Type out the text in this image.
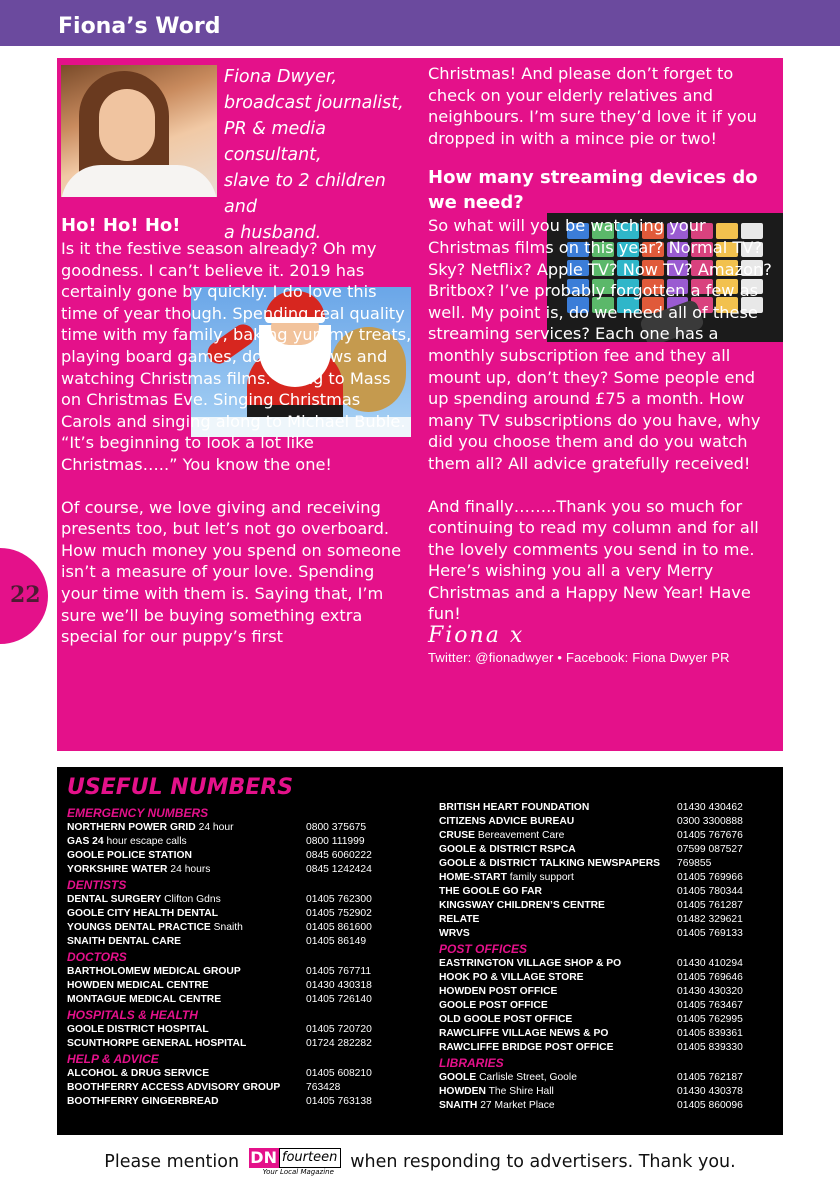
Fiona’s Word
Fiona Dwyer,
broadcast journalist,
PR & media consultant,
slave to 2 children and
a husband.
Ho! Ho! Ho!

Is it the festive season already? Oh my goodness. I can’t believe it. 2019 has certainly gone by quickly. I do love this time of year though. Spending real quality time with my family, baking yummy treats, playing board games, doing jigsaws and watching Christmas films. Going to Mass on Christmas Eve. Singing Christmas Carols and singing along to Michael Buble. “It’s beginning to look a lot like Christmas…..” You know the one!

Of course, we love giving and receiving presents too, but let’s not go overboard. How much money you spend on someone isn’t a measure of your love. Spending your time with them is. Saying that, I’m sure we’ll be buying something extra special for our puppy’s first

Christmas! And please don’t forget to check on your elderly relatives and neighbours. I’m sure they’d love it if you dropped in with a mince pie or two!

How many streaming devices do we need?

So what will you be watching your Christmas films on this year? Normal TV? Sky? Netflix? Apple TV? Now TV? Amazon? Britbox? I’ve probably forgotten a few as well. My point is, do we need all of these streaming services? Each one has a monthly subscription fee and they all mount up, don’t they? Some people end up spending around £75 a month. How many TV subscriptions do you have, why did you choose them and do you watch them all? All advice gratefully received!

And finally……..Thank you so much for continuing to read my column and for all the lovely comments you send in to me. Here’s wishing you all a very Merry Christmas and a Happy New Year! Have fun!

Fiona x

Twitter: @fionadwyer • Facebook: Fiona Dwyer PR

22
USEFUL NUMBERS
EMERGENCY NUMBERS
NORTHERN POWER GRID 24 hour	0800 375675
GAS 24 hour escape calls	0800 111999
GOOLE POLICE STATION	0845 6060222
YORKSHIRE WATER 24 hours	0845 1242424
DENTISTS
DENTAL SURGERY Clifton Gdns	01405 762300
GOOLE CITY HEALTH DENTAL	01405 752902
YOUNGS DENTAL PRACTICE Snaith	01405 861600
SNAITH DENTAL CARE	01405 86149
DOCTORS
BARTHOLOMEW MEDICAL GROUP	01405 767711
HOWDEN MEDICAL CENTRE	01430 430318
MONTAGUE MEDICAL CENTRE	01405 726140
HOSPITALS & HEALTH
GOOLE DISTRICT HOSPITAL	01405 720720
SCUNTHORPE GENERAL HOSPITAL	01724 282282
HELP & ADVICE
ALCOHOL & DRUG SERVICE	01405 608210
BOOTHFERRY ACCESS ADVISORY GROUP	763428
BOOTHFERRY GINGERBREAD	01405 763138
BRITISH HEART FOUNDATION	01430 430462
CITIZENS ADVICE BUREAU	0300 3300888
CRUSE Bereavement Care	01405 767676
GOOLE & DISTRICT RSPCA	07599 087527
GOOLE & DISTRICT TALKING NEWSPAPERS 769855
HOME-START family support	01405 769966
THE GOOLE GO FAR	01405 780344
KINGSWAY CHILDREN’S CENTRE	01405 761287
RELATE	01482 329621
WRVS	01405 769133
POST OFFICES
EASTRINGTON VILLAGE SHOP & PO	01430 410294
HOOK PO & VILLAGE STORE	01405 769646
HOWDEN POST OFFICE	01430 430320
GOOLE POST OFFICE	01405 763467
OLD GOOLE POST OFFICE	01405 762995
RAWCLIFFE VILLAGE NEWS & PO	01405 839361
RAWCLIFFE BRIDGE POST OFFICE	01405 839330
LIBRARIES
GOOLE Carlisle Street, Goole	01405 762187
HOWDEN The Shire Hall	01430 430378
SNAITH 27 Market Place	01405 860096
Please mention DN fourteen
Your Local Magazine when responding to advertisers. Thank you.
